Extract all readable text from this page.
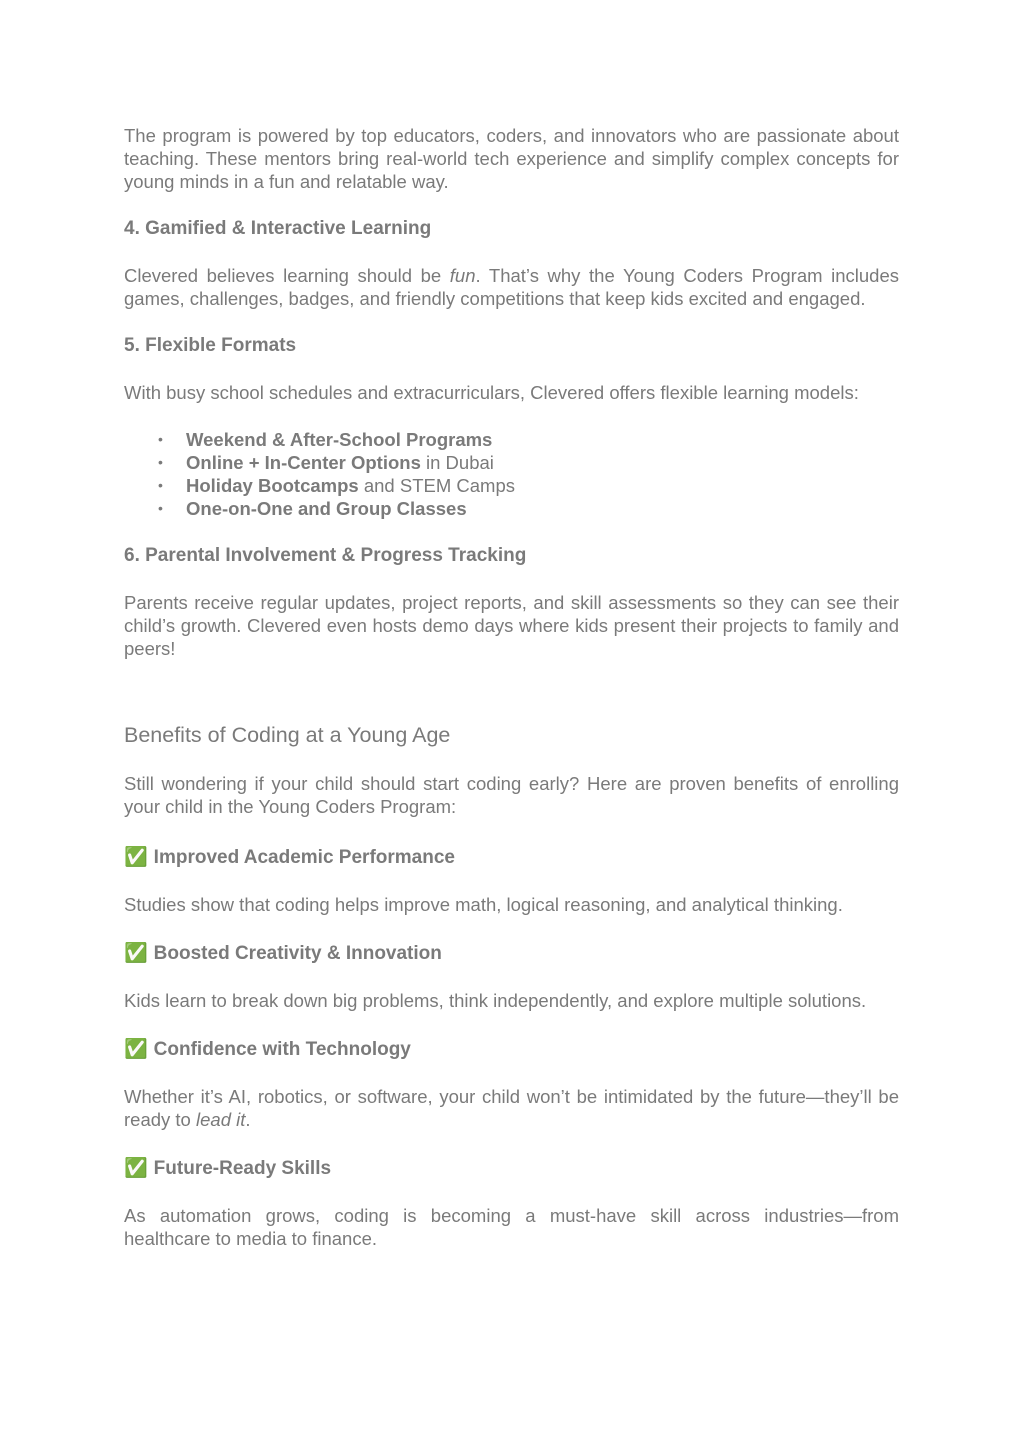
The program is powered by top educators, coders, and innovators who are passionate about teaching. These mentors bring real-world tech experience and simplify complex concepts for young minds in a fun and relatable way.

4. Gamified & Interactive Learning

Clevered believes learning should be fun. That’s why the Young Coders Program includes games, challenges, badges, and friendly competitions that keep kids excited and engaged.

5. Flexible Formats

With busy school schedules and extracurriculars, Clevered offers flexible learning models:

• Weekend & After-School Programs
• Online + In-Center Options in Dubai
• Holiday Bootcamps and STEM Camps
• One-on-One and Group Classes
6. Parental Involvement & Progress Tracking

Parents receive regular updates, project reports, and skill assessments so they can see their child’s growth. Clevered even hosts demo days where kids present their projects to family and peers!

Benefits of Coding at a Young Age

Still wondering if your child should start coding early? Here are proven benefits of enrolling your child in the Young Coders Program:

✅ Improved Academic Performance

Studies show that coding helps improve math, logical reasoning, and analytical thinking.

✅ Boosted Creativity & Innovation

Kids learn to break down big problems, think independently, and explore multiple solutions.

✅ Confidence with Technology

Whether it’s AI, robotics, or software, your child won’t be intimidated by the future—they’ll be ready to lead it.

✅ Future-Ready Skills

As automation grows, coding is becoming a must-have skill across industries—from healthcare to media to finance.
